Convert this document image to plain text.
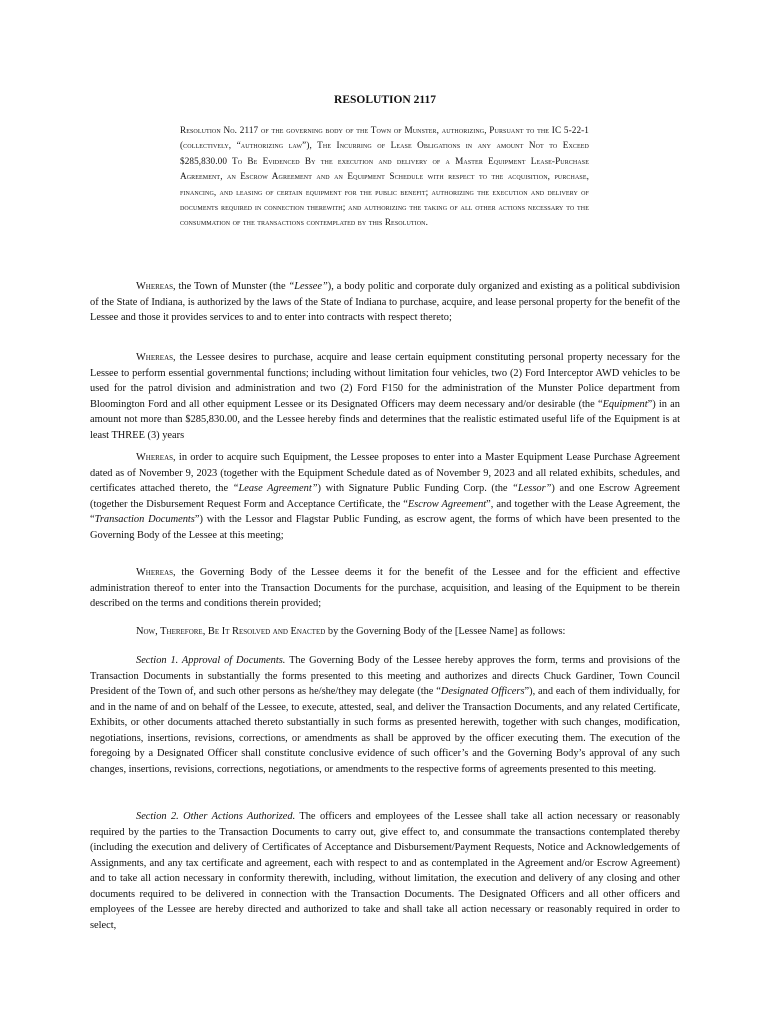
RESOLUTION 2117
Resolution No. 2117 of the governing body of the Town of Munster, authorizing, Pursuant to the IC 5-22-1 (collectively, “authorizing law”), The Incurring of Lease Obligations in any amount Not to Exceed $285,830.00 To Be Evidenced By the execution and delivery of a Master Equipment Lease-Purchase Agreement, an Escrow Agreement and an Equipment Schedule with respect to the acquisition, purchase, financing, and leasing of certain equipment for the public benefit; authorizing the execution and delivery of documents required in connection therewith; and authorizing the taking of all other actions necessary to the consummation of the transactions contemplated by this Resolution.

Whereas, the Town of Munster (the “Lessee”), a body politic and corporate duly organized and existing as a political subdivision of the State of Indiana, is authorized by the laws of the State of Indiana to purchase, acquire, and lease personal property for the benefit of the Lessee and those it provides services to and to enter into contracts with respect thereto;

Whereas, the Lessee desires to purchase, acquire and lease certain equipment constituting personal property necessary for the Lessee to perform essential governmental functions; including without limitation four vehicles, two (2) Ford Interceptor AWD vehicles to be used for the patrol division and administration and two (2) Ford F150 for the administration of the Munster Police department from Bloomington Ford and all other equipment Lessee or its Designated Officers may deem necessary and/or desirable (the “Equipment”) in an amount not more than $285,830.00, and the Lessee hereby finds and determines that the realistic estimated useful life of the Equipment is at least THREE (3) years

Whereas, in order to acquire such Equipment, the Lessee proposes to enter into a Master Equipment Lease Purchase Agreement dated as of November 9, 2023 (together with the Equipment Schedule dated as of November 9, 2023 and all related exhibits, schedules, and certificates attached thereto, the “Lease Agreement”) with Signature Public Funding Corp. (the “Lessor”) and one Escrow Agreement (together the Disbursement Request Form and Acceptance Certificate, the “Escrow Agreement”, and together with the Lease Agreement, the “Transaction Documents”) with the Lessor and Flagstar Public Funding, as escrow agent, the forms of which have been presented to the Governing Body of the Lessee at this meeting;

Whereas, the Governing Body of the Lessee deems it for the benefit of the Lessee and for the efficient and effective administration thereof to enter into the Transaction Documents for the purchase, acquisition, and leasing of the Equipment to be therein described on the terms and conditions therein provided;

Now, Therefore, Be It Resolved and Enacted by the Governing Body of the [Lessee Name] as follows:

Section 1. Approval of Documents. The Governing Body of the Lessee hereby approves the form, terms and provisions of the Transaction Documents in substantially the forms presented to this meeting and authorizes and directs Chuck Gardiner, Town Council President of the Town of, and such other persons as he/she/they may delegate (the “Designated Officers”), and each of them individually, for and in the name of and on behalf of the Lessee, to execute, attested, seal, and deliver the Transaction Documents, and any related Certificate, Exhibits, or other documents attached thereto substantially in such forms as presented herewith, together with such changes, modification, negotiations, insertions, revisions, corrections, or amendments as shall be approved by the officer executing them. The execution of the foregoing by a Designated Officer shall constitute conclusive evidence of such officer’s and the Governing Body’s approval of any such changes, insertions, revisions, corrections, negotiations, or amendments to the respective forms of agreements presented to this meeting.

Section 2. Other Actions Authorized. The officers and employees of the Lessee shall take all action necessary or reasonably required by the parties to the Transaction Documents to carry out, give effect to, and consummate the transactions contemplated thereby (including the execution and delivery of Certificates of Acceptance and Disbursement/Payment Requests, Notice and Acknowledgements of Assignments, and any tax certificate and agreement, each with respect to and as contemplated in the Agreement and/or Escrow Agreement) and to take all action necessary in conformity therewith, including, without limitation, the execution and delivery of any closing and other documents required to be delivered in connection with the Transaction Documents. The Designated Officers and all other officers and employees of the Lessee are hereby directed and authorized to take and shall take all action necessary or reasonably required in order to select,
